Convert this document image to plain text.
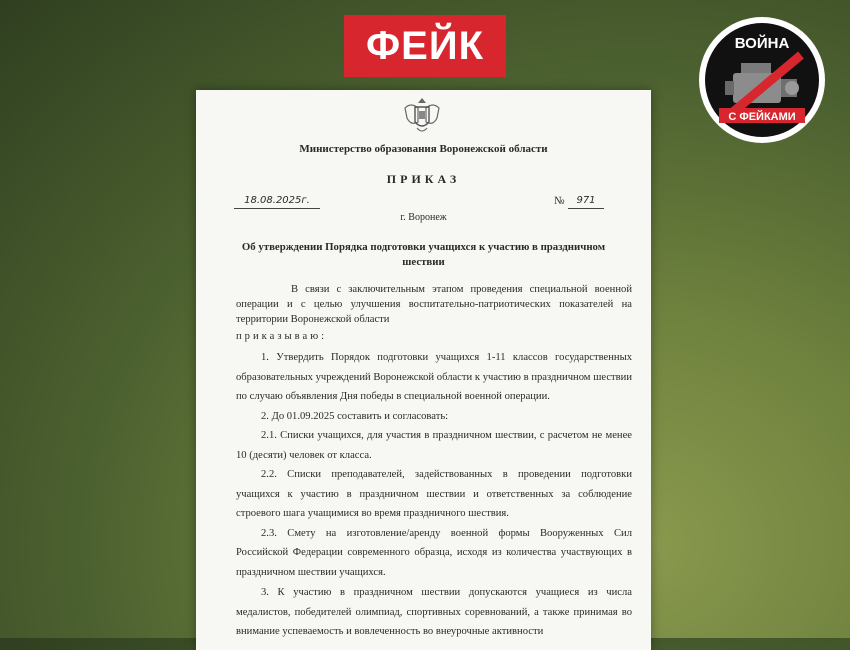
ФЕЙК	ВОЙНА
С ФЕЙКАМИ
Министерство образования Воронежской области
ПРИКАЗ
18.08.2025г.	№	971
г. Воронеж
Об утверждении Порядка подготовки учащихся к участию в праздничном шествии

В связи с заключительным этапом проведения специальной военной операции и с целью улучшения воспитательно-патриотических показателей на территории Воронежской области

приказываю:

1. Утвердить Порядок подготовки учащихся 1-11 классов государственных образовательных учреждений Воронежской области к участию в праздничном шествии по случаю объявления Дня победы в специальной военной операции.

2. До 01.09.2025 составить и согласовать:

2.1. Списки учащихся, для участия в праздничном шествии, с расчетом не менее 10 (десяти) человек от класса.

2.2. Списки преподавателей, задействованных в проведении подготовки учащихся к участию в праздничном шествии и ответственных за соблюдение строевого шага учащимися во время праздничного шествия.

2.3. Смету на изготовление/аренду военной формы Вооруженных Сил Российской Федерации современного образца, исходя из количества участвующих в праздничном шествии учащихся.

3. К участию в праздничном шествии допускаются учащиеся из числа медалистов, победителей олимпиад, спортивных соревнований, а также принимая во внимание успеваемость и вовлеченность во внеурочные активности
